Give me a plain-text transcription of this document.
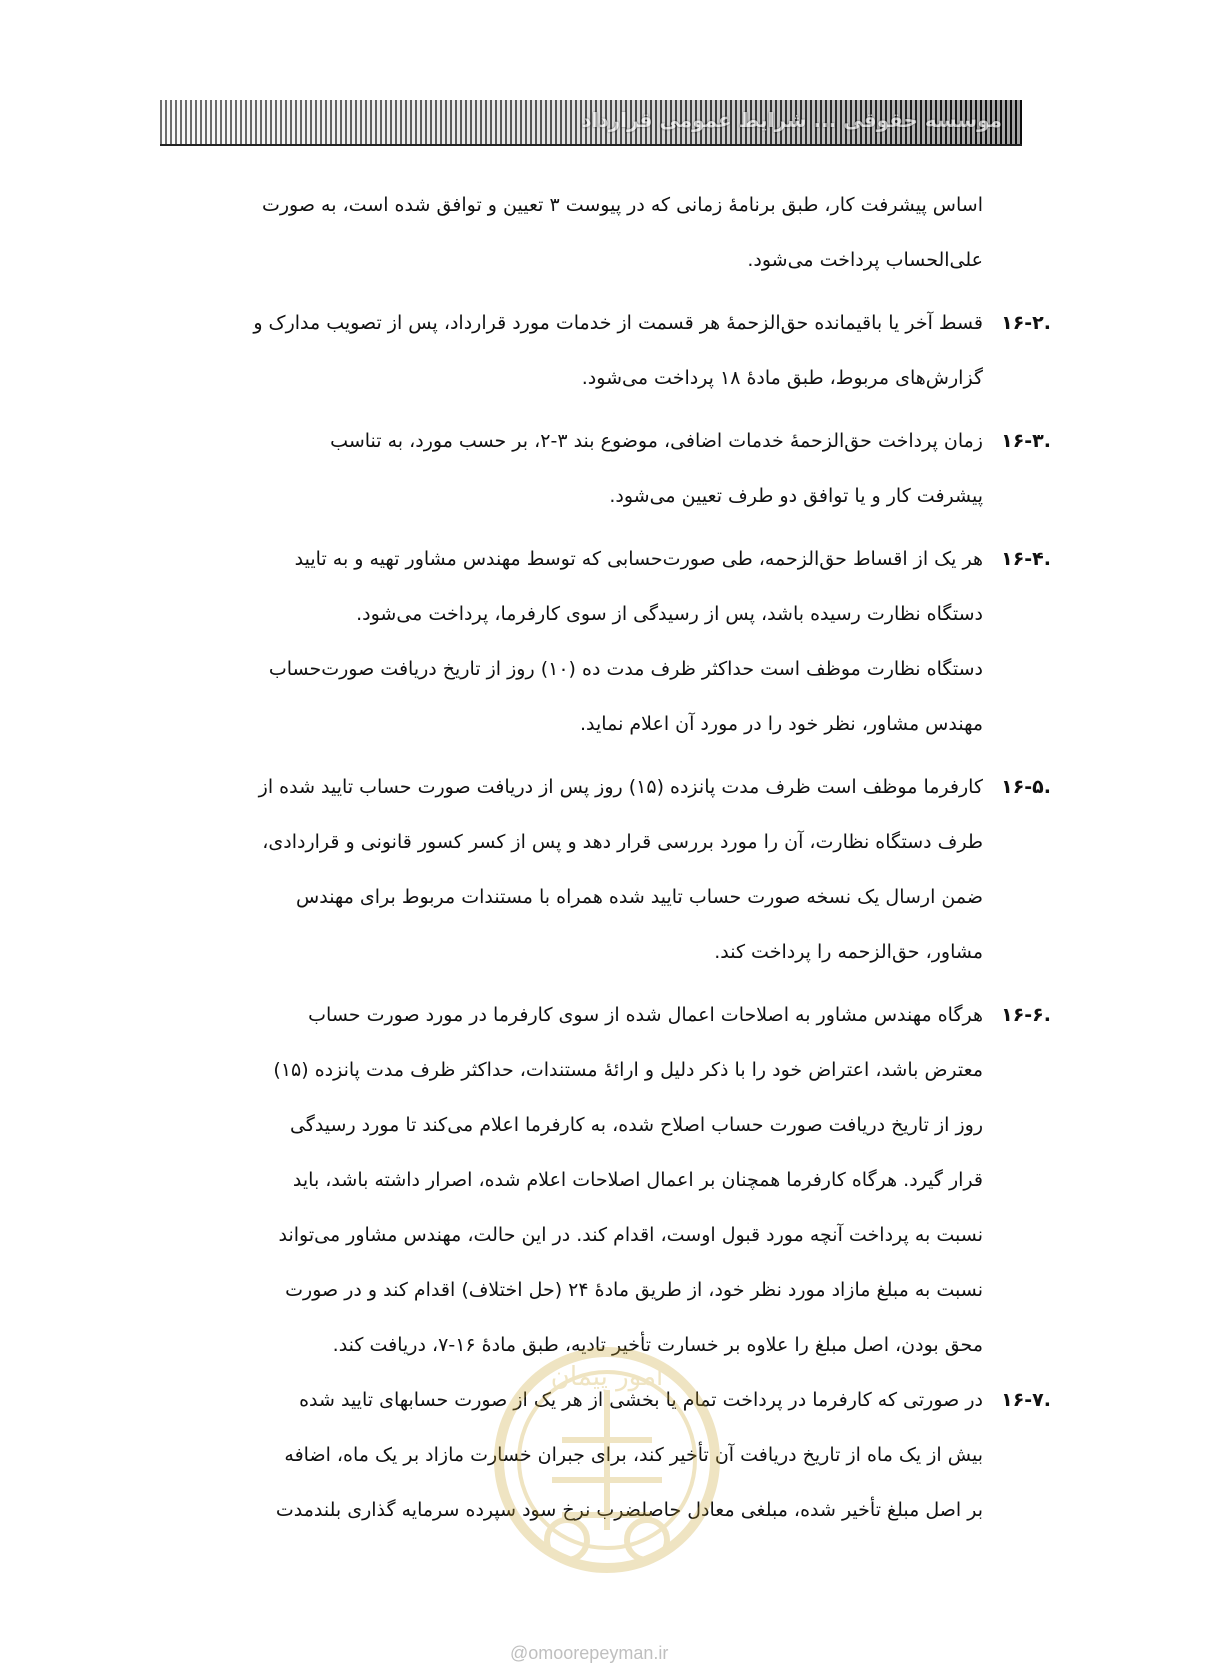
موسسه حقوقی ... شرایط عمومی قرارداد
اساس پیشرفت کار، طبق برنامهٔ زمانی که در پیوست ۳ تعیین و توافق شده است، به صورت
علی‌الحساب پرداخت می‌شود.
۱۶-۲.
قسط آخر یا باقیمانده حق‌الزحمهٔ هر قسمت از خدمات مورد قرارداد، پس از تصویب مدارک و
گزارش‌های مربوط، طبق مادهٔ ۱۸ پرداخت می‌شود.
۱۶-۳.
زمان پرداخت حق‌الزحمهٔ خدمات اضافی، موضوع بند ۳-۲، بر حسب مورد، به تناسب
پیشرفت کار و یا توافق دو طرف تعیین می‌شود.
۱۶-۴.
هر یک از اقساط حق‌الزحمه، طی صورت‌حسابی که توسط مهندس مشاور تهیه و به تایید
دستگاه نظارت رسیده باشد، پس از رسیدگی از سوی کارفرما، پرداخت می‌شود.
دستگاه نظارت موظف است حداکثر ظرف مدت ده (۱۰) روز از تاریخ دریافت صورت‌حساب
مهندس مشاور، نظر خود را در مورد آن اعلام نماید.
۱۶-۵.
کارفرما موظف است ظرف مدت پانزده (۱۵) روز پس از دریافت صورت حساب تایید شده از
طرف دستگاه نظارت، آن را مورد بررسی قرار دهد و پس از کسر کسور قانونی و قراردادی،
ضمن ارسال یک نسخه صورت حساب تایید شده همراه با مستندات مربوط برای مهندس
مشاور، حق‌الزحمه را پرداخت کند.
۱۶-۶.
هرگاه مهندس مشاور به اصلاحات اعمال شده از سوی کارفرما در مورد صورت حساب
معترض باشد، اعتراض خود را با ذکر دلیل و ارائهٔ مستندات، حداکثر ظرف مدت پانزده (۱۵)
روز از تاریخ دریافت صورت حساب اصلاح شده، به کارفرما اعلام می‌کند تا مورد رسیدگی
قرار گیرد. هرگاه کارفرما همچنان بر اعمال اصلاحات اعلام شده، اصرار داشته باشد، باید
نسبت به پرداخت آنچه مورد قبول اوست، اقدام کند. در این حالت، مهندس مشاور می‌تواند
نسبت به مبلغ مازاد مورد نظر خود، از طریق مادهٔ ۲۴ (حل اختلاف) اقدام کند و در صورت
محق بودن، اصل مبلغ را علاوه بر خسارت تأخیر تادیه، طبق مادهٔ ۱۶-۷، دریافت کند.
۱۶-۷.
در صورتی که کارفرما در پرداخت تمام یا بخشی از هر یک از صورت حسابهای تایید شده
بیش از یک ماه از تاریخ دریافت آن تأخیر کند، برای جبران خسارت مازاد بر یک ماه، اضافه
بر اصل مبلغ تأخیر شده، مبلغی معادل حاصلضرب نرخ سود سپرده سرمایه گذاری بلندمدت
امور پیمان
@omoorepeyman.ir
